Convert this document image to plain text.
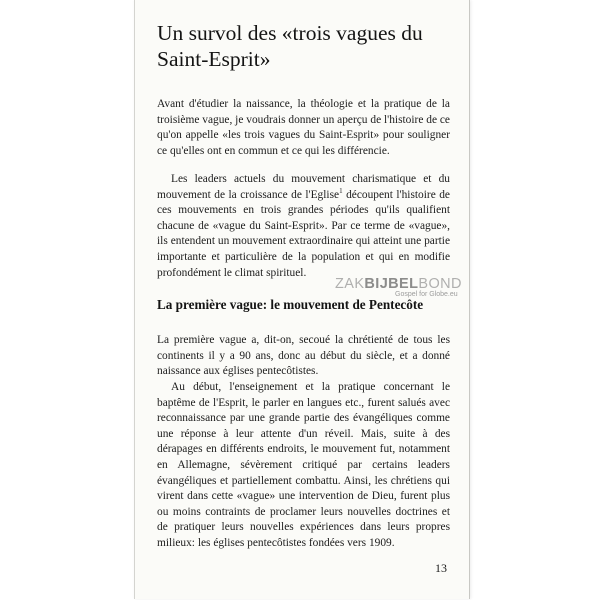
Un survol des «trois vagues du Saint-Esprit»

Avant d'étudier la naissance, la théologie et la pratique de la troisième vague, je voudrais donner un aperçu de l'histoire de ce qu'on appelle «les trois vagues du Saint-Esprit» pour souligner ce qu'elles ont en commun et ce qui les différencie.

Les leaders actuels du mouvement charismatique et du mouvement de la croissance de l'Eglise$^1$ découpent l'histoire de ces mouvements en trois grandes périodes qu'ils qualifient chacune de «vague du Saint-Esprit». Par ce terme de «vague», ils entendent un mouvement extraordinaire qui atteint une partie importante et particulière de la population et qui en modifie profondément le climat spirituel.

La première vague: le mouvement de Pentecôte

La première vague a, dit-on, secoué la chrétienté de tous les continents il y a 90 ans, donc au début du siècle, et a donné naissance aux églises pentecôtistes.

Au début, l'enseignement et la pratique concernant le baptême de l'Esprit, le parler en langues etc., furent salués avec reconnaissance par une grande partie des évangéliques comme une réponse à leur attente d'un réveil. Mais, suite à des dérapages en différents endroits, le mouvement fut, notamment en Allemagne, sévèrement critiqué par certains leaders évangéliques et partiellement combattu. Ainsi, les chrétiens qui virent dans cette «vague» une intervention de Dieu, furent plus ou moins contraints de proclamer leurs nouvelles doctrines et de pratiquer leurs nouvelles expériences dans leurs propres milieux: les églises pentecôtistes fondées vers 1909.

13
ZAKBIJBELBOND
Gospel for Globe.eu
